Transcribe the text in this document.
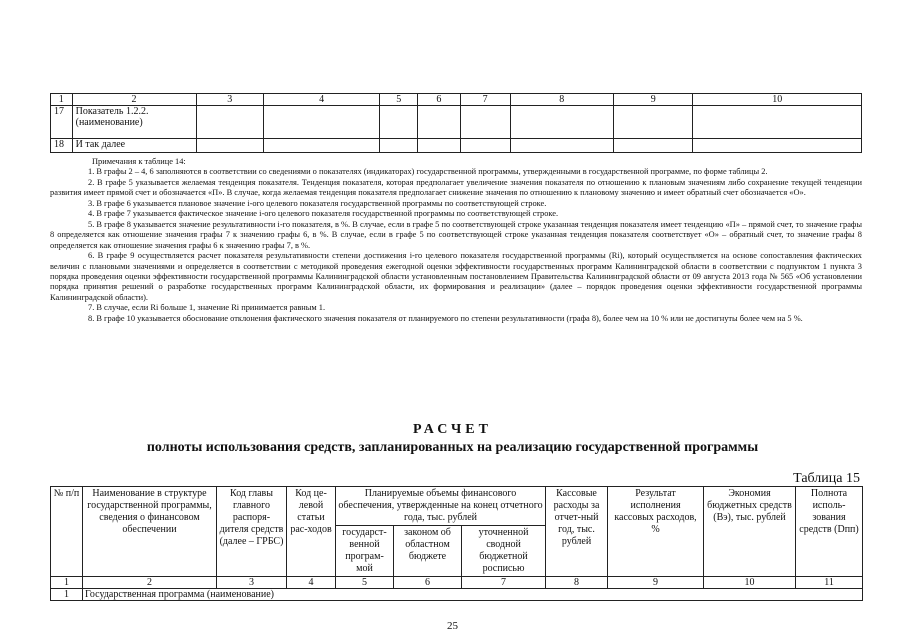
1	2	3	4	5	6	7	8	9	10
17	Показатель 1.2.2. (наименование)								
18	И так далее								

Примечания к таблице 14:

1. В графы 2 – 4, 6 заполняются в соответствии со сведениями о показателях (индикаторах) государственной программы, утвержденными в государственной программе, по форме таблицы 2.

2. В графе 5 указывается желаемая тенденция показателя. Тенденция показателя, которая предполагает увеличение значения показателя по отношению к плановым значениям либо сохранение текущей тенденции развития имеет прямой счет и обозначается «П». В случае, когда желаемая тенденция показателя предполагает снижение значения по отношению к плановому значению и имеет обратный счет обозначается «О».

3. В графе 6 указывается плановое значение i-ого целевого показателя государственной программы по соответствующей строке.

4. В графе 7 указывается фактическое значение i-ого целевого показателя государственной программы по соответствующей строке.

5. В графе 8 указывается значение результативности i-го показателя, в %. В случае, если в графе 5 по соответствующей строке указанная тенденция показателя имеет тенденцию «П» – прямой счет, то значение графы 8 определяется как отношение значения графы 7 к значению графы 6, в %. В случае, если в графе 5 по соответствующей строке указанная тенденция показателя соответствует «О» – обратный счет, то значение графы 8 определяется как отношение значения графы 6 к значению графы 7, в %.

6. В графе 9 осуществляется расчет показателя результативности степени достижения i-го целевого показателя государственной программы (Ri), который осуществляется на основе сопоставления фактических величин с плановыми значениями и определяется в соответствии с методикой проведения ежегодной оценки эффективности государственных программ Калининградской области в соответствии с подпунктом 1 пункта 3 порядка проведения оценки эффективности государственной программы Калининградской области установленным постановлением Правительства Калининградской области от 09 августа 2013 года № 565 «Об установлении порядка принятия решений о разработке государственных программ Калининградской области, их формирования и реализации» (далее – порядок проведения оценки эффективности государственной программы Калининградской области).

7. В случае, если Ri больше 1, значение Ri принимается равным 1.

8. В графе 10 указывается обоснование отклонения фактического значения показателя от планируемого по степени результативности (графа 8), более чем на 10 % или не достигнуты более чем на 5 %.

РАСЧЕТ
полноты использования средств, запланированных на реализацию государственной программы
Таблица 15
№ п/п	Наименование в структуре государственной программы, сведения о финансовом обеспечении	Код главы главного распоря-дителя средств (далее – ГРБС)	Код це-левой статьи рас-ходов	Планируемые объемы финансового обеспечения, утвержденные на конец отчетного года, тыс. рублей			Кассовые расходы за отчет-ный год, тыс. рублей	Результат исполнения кассовых расходов, %	Экономия бюджетных средств (Вэ), тыс. рублей	Полнота исполь-зования средств (Dпп)
				государст-венной програм-мой	законом об областном бюджете	уточненной сводной бюджетной росписью				
1	2	3	4	5	6	7	8	9	10	11
1	Государственная программа (наименование)									
25
